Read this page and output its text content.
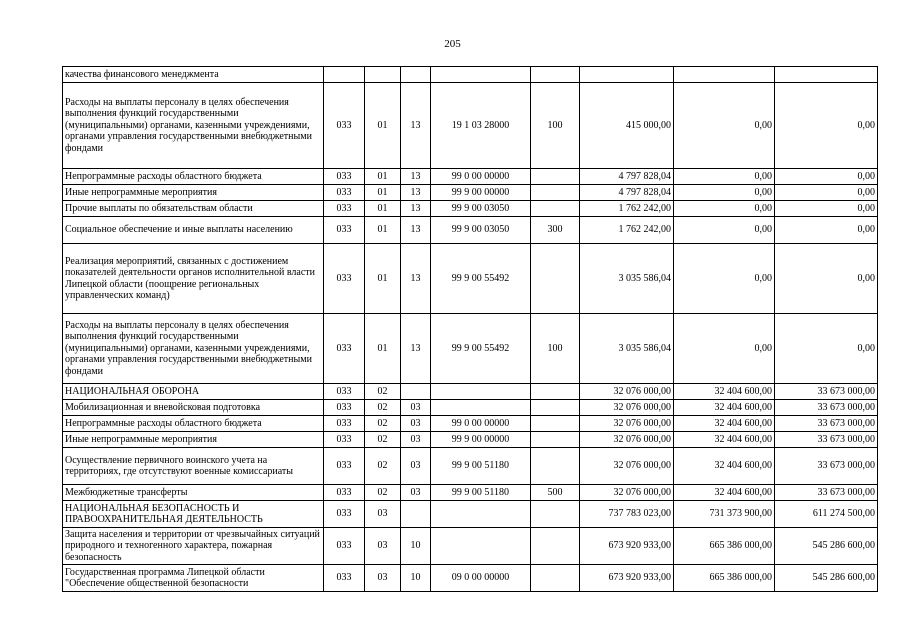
205
качества финансового менеджмента								
Расходы на выплаты персоналу в целях обеспечения выполнения функций государственными (муниципальными) органами, казенными учреждениями, органами управления государственными внебюджетными фондами	033	01	13	19 1 03 28000	100	415 000,00	0,00	0,00
Непрограммные расходы областного бюджета	033	01	13	99 0 00 00000		4 797 828,04	0,00	0,00
Иные непрограммные мероприятия	033	01	13	99 9 00 00000		4 797 828,04	0,00	0,00
Прочие выплаты по обязательствам области	033	01	13	99 9 00 03050		1 762 242,00	0,00	0,00
Социальное обеспечение и иные выплаты населению	033	01	13	99 9 00 03050	300	1 762 242,00	0,00	0,00
Реализация мероприятий, связанных с достижением показателей деятельности органов исполнительной власти Липецкой области (поощрение региональных управленческих команд)	033	01	13	99 9 00 55492		3 035 586,04	0,00	0,00
Расходы на выплаты персоналу в целях обеспечения выполнения функций государственными (муниципальными) органами, казенными учреждениями, органами управления государственными внебюджетными фондами	033	01	13	99 9 00 55492	100	3 035 586,04	0,00	0,00
НАЦИОНАЛЬНАЯ ОБОРОНА	033	02				32 076 000,00	32 404 600,00	33 673 000,00
Мобилизационная и вневойсковая подготовка	033	02	03			32 076 000,00	32 404 600,00	33 673 000,00
Непрограммные расходы областного бюджета	033	02	03	99 0 00 00000		32 076 000,00	32 404 600,00	33 673 000,00
Иные непрограммные мероприятия	033	02	03	99 9 00 00000		32 076 000,00	32 404 600,00	33 673 000,00
Осуществление первичного воинского учета на территориях, где отсутствуют военные комиссариаты	033	02	03	99 9 00 51180		32 076 000,00	32 404 600,00	33 673 000,00
Межбюджетные трансферты	033	02	03	99 9 00 51180	500	32 076 000,00	32 404 600,00	33 673 000,00
НАЦИОНАЛЬНАЯ БЕЗОПАСНОСТЬ И ПРАВООХРАНИТЕЛЬНАЯ ДЕЯТЕЛЬНОСТЬ	033	03				737 783 023,00	731 373 900,00	611 274 500,00
Защита населения и территории от чрезвычайных ситуаций природного и техногенного характера, пожарная безопасность	033	03	10			673 920 933,00	665 386 000,00	545 286 600,00
Государственная программа Липецкой области "Обеспечение общественной безопасности	033	03	10	09 0 00 00000		673 920 933,00	665 386 000,00	545 286 600,00
